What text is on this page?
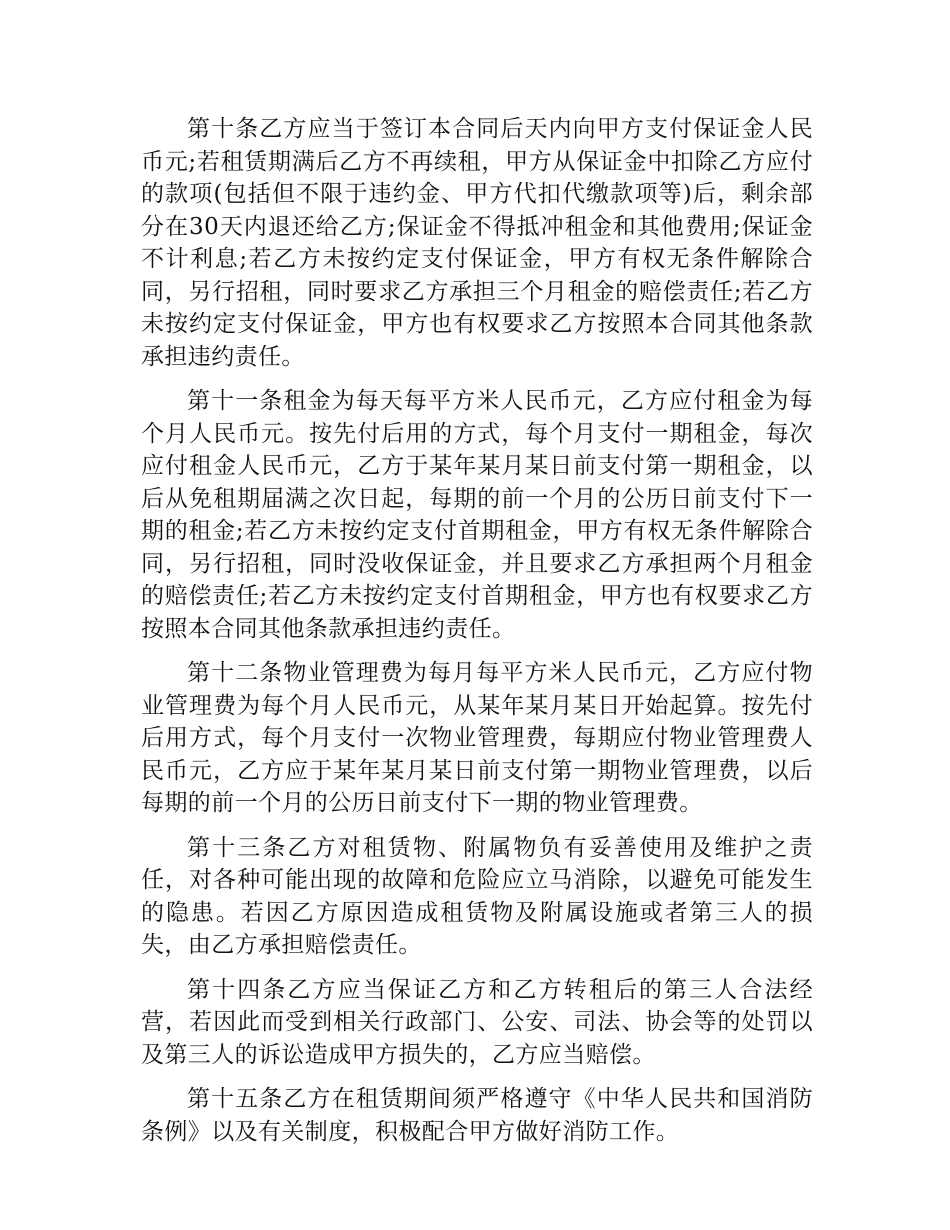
第十条乙方应当于签订本合同后天内向甲方支付保证金人民币元;若租赁期满后乙方不再续租，甲方从保证金中扣除乙方应付的款项(包括但不限于违约金、甲方代扣代缴款项等)后，剩余部分在30天内退还给乙方;保证金不得抵冲租金和其他费用;保证金不计利息;若乙方未按约定支付保证金，甲方有权无条件解除合同，另行招租，同时要求乙方承担三个月租金的赔偿责任;若乙方未按约定支付保证金，甲方也有权要求乙方按照本合同其他条款承担违约责任。

第十一条租金为每天每平方米人民币元，乙方应付租金为每个月人民币元。按先付后用的方式，每个月支付一期租金，每次应付租金人民币元，乙方于某年某月某日前支付第一期租金，以后从免租期届满之次日起，每期的前一个月的公历日前支付下一期的租金;若乙方未按约定支付首期租金，甲方有权无条件解除合同，另行招租，同时没收保证金，并且要求乙方承担两个月租金的赔偿责任;若乙方未按约定支付首期租金，甲方也有权要求乙方按照本合同其他条款承担违约责任。

第十二条物业管理费为每月每平方米人民币元，乙方应付物业管理费为每个月人民币元，从某年某月某日开始起算。按先付后用方式，每个月支付一次物业管理费，每期应付物业管理费人民币元，乙方应于某年某月某日前支付第一期物业管理费，以后每期的前一个月的公历日前支付下一期的物业管理费。

第十三条乙方对租赁物、附属物负有妥善使用及维护之责任，对各种可能出现的故障和危险应立马消除，以避免可能发生的隐患。若因乙方原因造成租赁物及附属设施或者第三人的损失，由乙方承担赔偿责任。

第十四条乙方应当保证乙方和乙方转租后的第三人合法经营，若因此而受到相关行政部门、公安、司法、协会等的处罚以及第三人的诉讼造成甲方损失的，乙方应当赔偿。

第十五条乙方在租赁期间须严格遵守《中华人民共和国消防条例》以及有关制度，积极配合甲方做好消防工作。
